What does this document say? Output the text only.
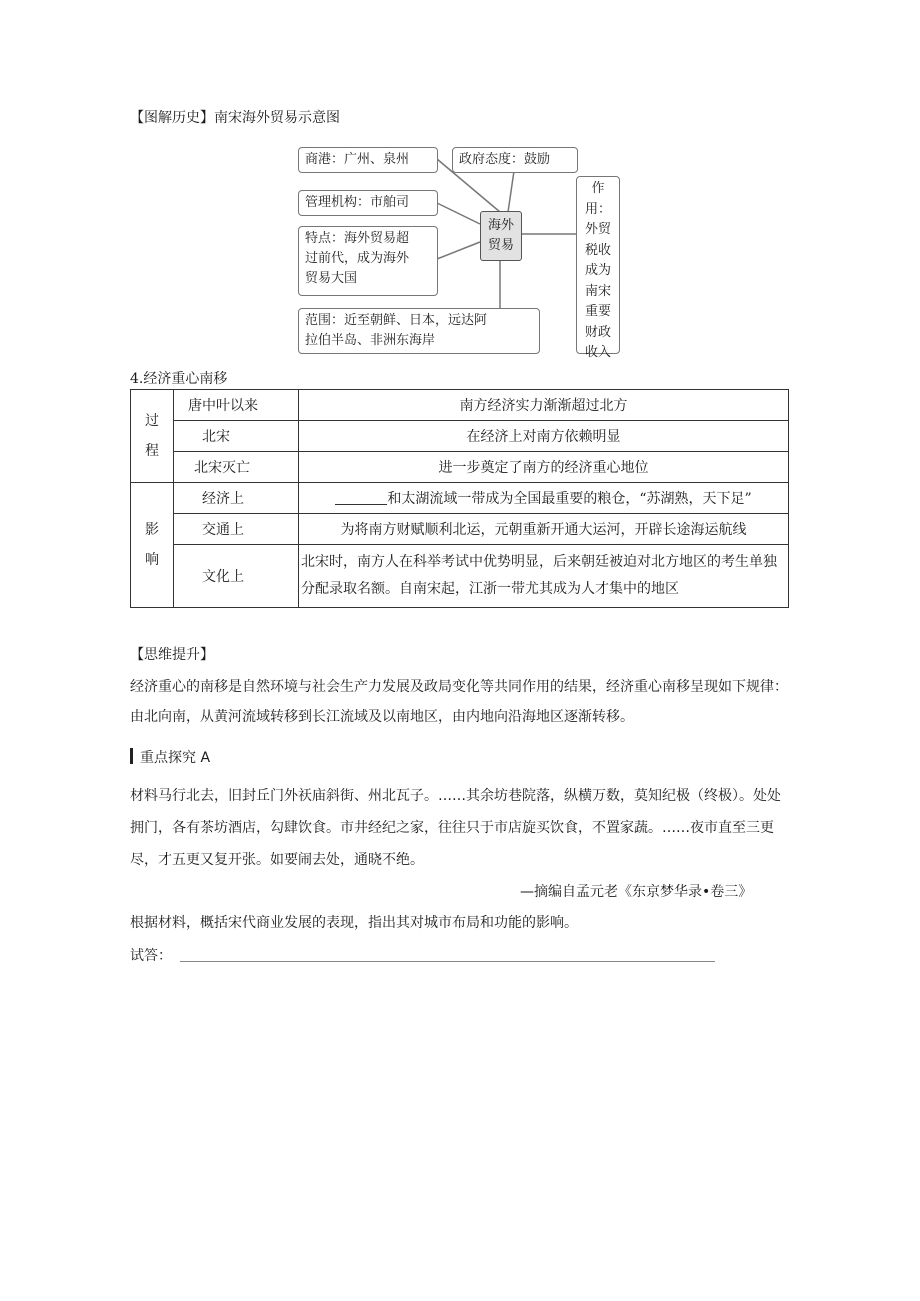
【图解历史】南宋海外贸易示意图
商港：广州、泉州	政府态度：鼓励
管理机构：市舶司
特点：海外贸易超
过前代，成为海外
贸易大国
海外
贸易
作用：
外贸
税收
成为
南宋
重要
财政
收入
范围：近至朝鲜、日本，远达阿
拉伯半岛、非洲东海岸
4.经济重心南移
过程	唐中叶以来	南方经济实力渐渐超过北方
	北宋	在经济上对南方依赖明显
	北宋灭亡	进一步奠定了南方的经济重心地位
影响	经济上	和太湖流域一带成为全国最重要的粮仓，“苏湖熟，天下足”
	交通上	为将南方财赋顺利北运，元朝重新开通大运河，开辟长途海运航线
	文化上	北宋时，南方人在科举考试中优势明显，后来朝廷被迫对北方地区的考生单独分配录取名额。自南宋起，江浙一带尤其成为人才集中的地区
【思维提升】
经济重心的南移是自然环境与社会生产力发展及政局变化等共同作用的结果，经济重心南移呈现如下规律：由北向南，从黄河流域转移到长江流域及以南地区，由内地向沿海地区逐渐转移。
重点探究 A
材料马行北去，旧封丘门外祆庙斜街、州北瓦子。……其余坊巷院落，纵横万数，莫知纪极（终极）。处处拥门，各有茶坊酒店，勾肆饮食。市井经纪之家，往往只于市店旋买饮食，不置家蔬。……夜市直至三更尽，才五更又复开张。如要闹去处，通晓不绝。
—摘编自孟元老《东京梦华录•卷三》
根据材料，概括宋代商业发展的表现，指出其对城市布局和功能的影响。
试答：
